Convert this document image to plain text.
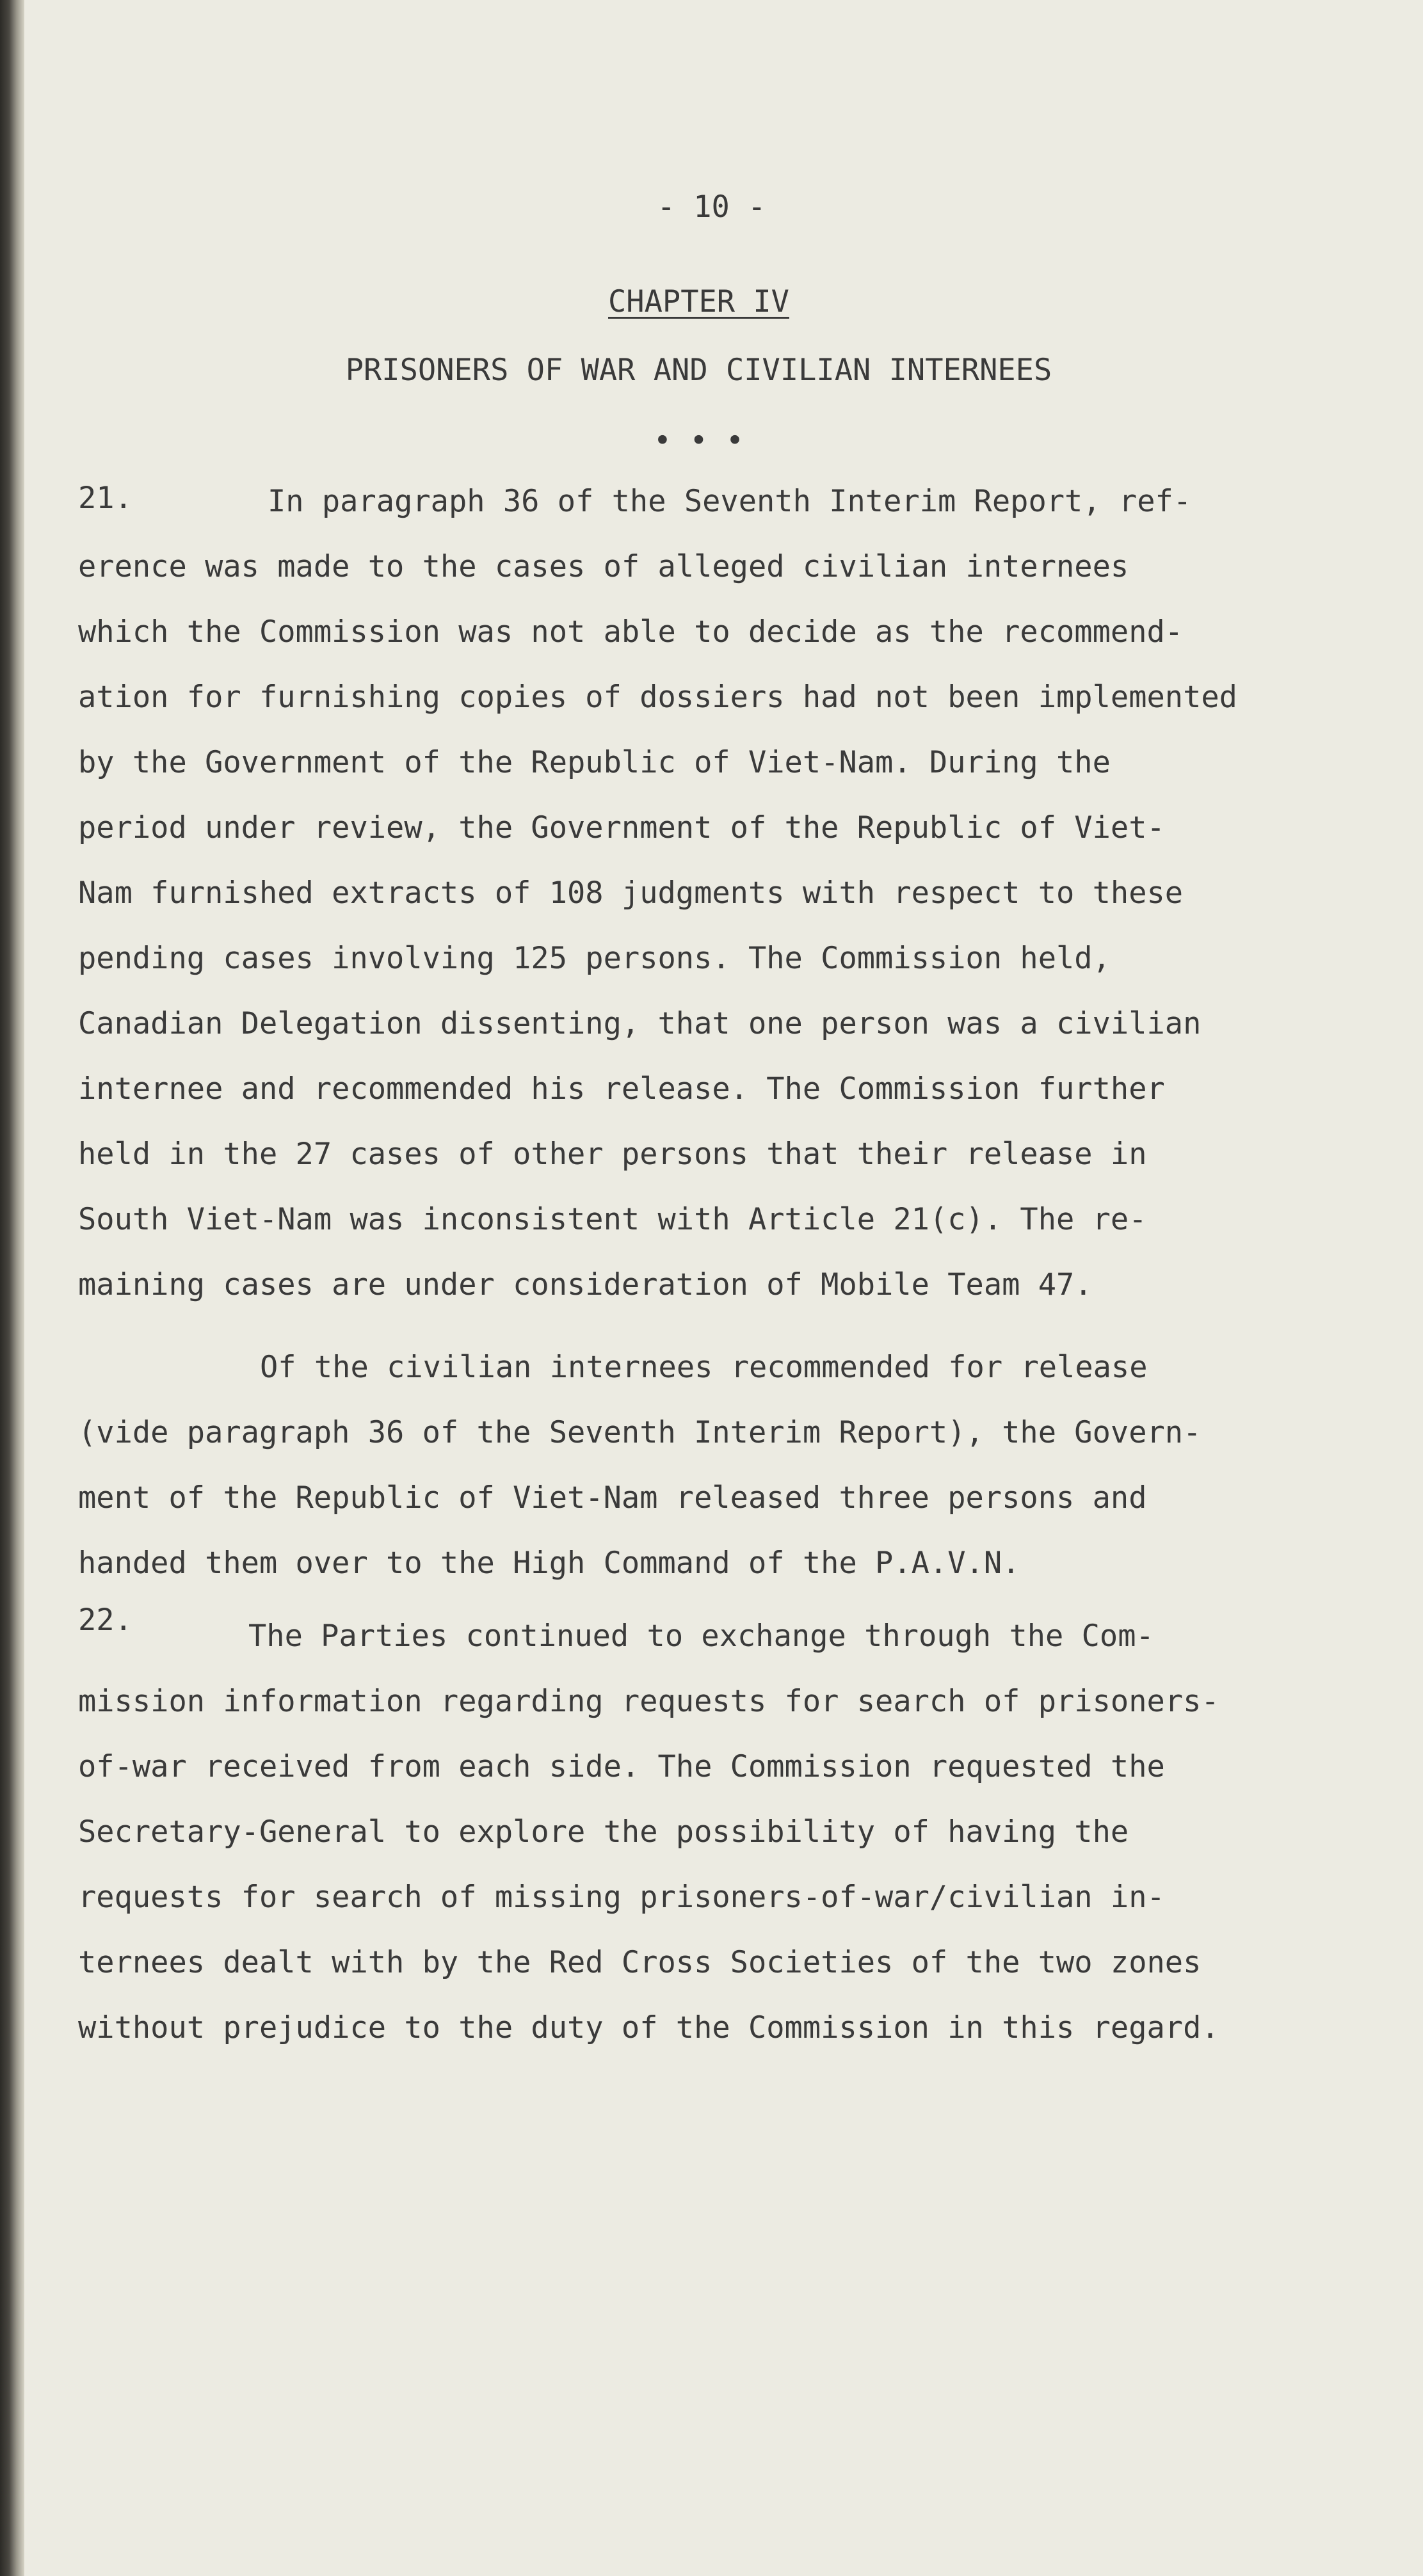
- 10 -
CHAPTER IV
PRISONERS OF WAR AND CIVILIAN INTERNEES
• • •
21.	In paragraph 36 of the Seventh Interim Report, ref-
erence was made to the cases of alleged civilian internees
which the Commission was not able to decide as the recommend-
ation for furnishing copies of dossiers had not been implemented
by the Government of the Republic of Viet-Nam. During the
period under review, the Government of the Republic of Viet-
Nam furnished extracts of 108 judgments with respect to these
pending cases involving 125 persons. The Commission held,
Canadian Delegation dissenting, that one person was a civilian
internee and recommended his release. The Commission further
held in the 27 cases of other persons that their release in
South Viet-Nam was inconsistent with Article 21(c). The re-
maining cases are under consideration of Mobile Team 47.
Of the civilian internees recommended for release
(vide paragraph 36 of the Seventh Interim Report), the Govern-
ment of the Republic of Viet-Nam released three persons and
handed them over to the High Command of the P.A.V.N.
22.	The Parties continued to exchange through the Com-
mission information regarding requests for search of prisoners-
of-war received from each side. The Commission requested the
Secretary-General to explore the possibility of having the
requests for search of missing prisoners-of-war/civilian in-
ternees dealt with by the Red Cross Societies of the two zones
without prejudice to the duty of the Commission in this regard.
